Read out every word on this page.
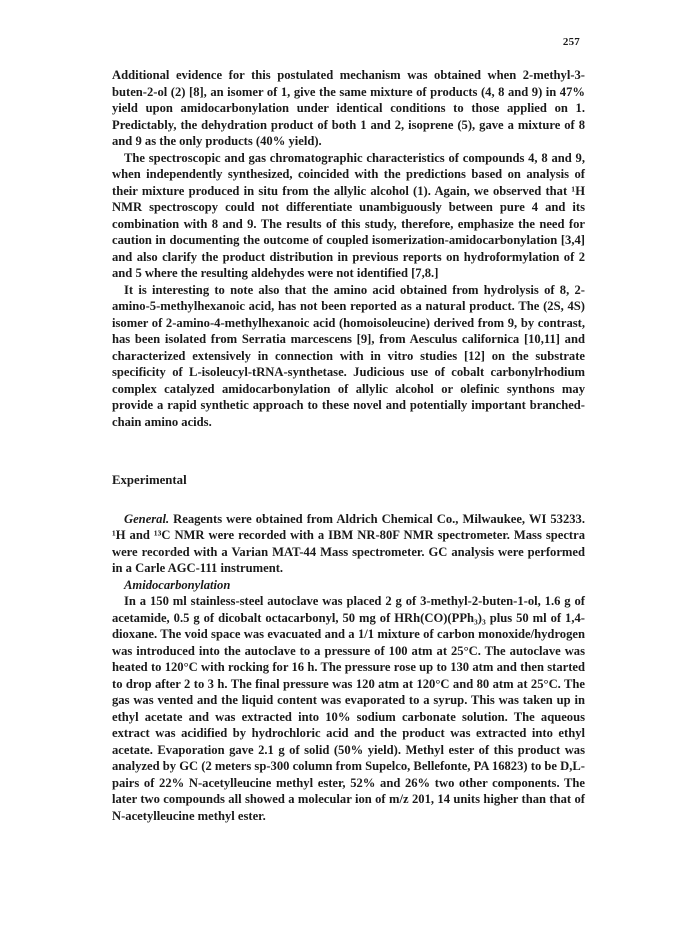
257

Additional evidence for this postulated mechanism was obtained when 2-methyl-3-buten-2-ol (2) [8], an isomer of 1, give the same mixture of products (4, 8 and 9) in 47% yield upon amidocarbonylation under identical conditions to those applied on 1. Predictably, the dehydration product of both 1 and 2, isoprene (5), gave a mixture of 8 and 9 as the only products (40% yield).

The spectroscopic and gas chromatographic characteristics of compounds 4, 8 and 9, when independently synthesized, coincided with the predictions based on analysis of their mixture produced in situ from the allylic alcohol (1). Again, we observed that ¹H NMR spectroscopy could not differentiate unambiguously between pure 4 and its combination with 8 and 9. The results of this study, therefore, emphasize the need for caution in documenting the outcome of coupled isomerization-amidocarbonylation [3,4] and also clarify the product distribution in previous reports on hydroformylation of 2 and 5 where the resulting aldehydes were not identified [7,8.]

It is interesting to note also that the amino acid obtained from hydrolysis of 8, 2-amino-5-methylhexanoic acid, has not been reported as a natural product. The (2S, 4S) isomer of 2-amino-4-methylhexanoic acid (homoisoleucine) derived from 9, by contrast, has been isolated from Serratia marcescens [9], from Aesculus californica [10,11] and characterized extensively in connection with in vitro studies [12] on the substrate specificity of L-isoleucyl-tRNA-synthetase. Judicious use of cobalt carbonylrhodium complex catalyzed amidocarbonylation of allylic alcohol or olefinic synthons may provide a rapid synthetic approach to these novel and potentially important branched-chain amino acids.

Experimental

General. Reagents were obtained from Aldrich Chemical Co., Milwaukee, WI 53233. ¹H and ¹³C NMR were recorded with a IBM NR-80F NMR spectrometer. Mass spectra were recorded with a Varian MAT-44 Mass spectrometer. GC analysis were performed in a Carle AGC-111 instrument.

Amidocarbonylation

In a 150 ml stainless-steel autoclave was placed 2 g of 3-methyl-2-buten-1-ol, 1.6 g of acetamide, 0.5 g of dicobalt octacarbonyl, 50 mg of HRh(CO)(PPh₃)₃ plus 50 ml of 1,4-dioxane. The void space was evacuated and a 1/1 mixture of carbon monoxide/hydrogen was introduced into the autoclave to a pressure of 100 atm at 25°C. The autoclave was heated to 120°C with rocking for 16 h. The pressure rose up to 130 atm and then started to drop after 2 to 3 h. The final pressure was 120 atm at 120°C and 80 atm at 25°C. The gas was vented and the liquid content was evaporated to a syrup. This was taken up in ethyl acetate and was extracted into 10% sodium carbonate solution. The aqueous extract was acidified by hydrochloric acid and the product was extracted into ethyl acetate. Evaporation gave 2.1 g of solid (50% yield). Methyl ester of this product was analyzed by GC (2 meters sp-300 column from Supelco, Bellefonte, PA 16823) to be D,L-pairs of 22% N-acetylleucine methyl ester, 52% and 26% two other components. The later two compounds all showed a molecular ion of m/z 201, 14 units higher than that of N-acetylleucine methyl ester.
